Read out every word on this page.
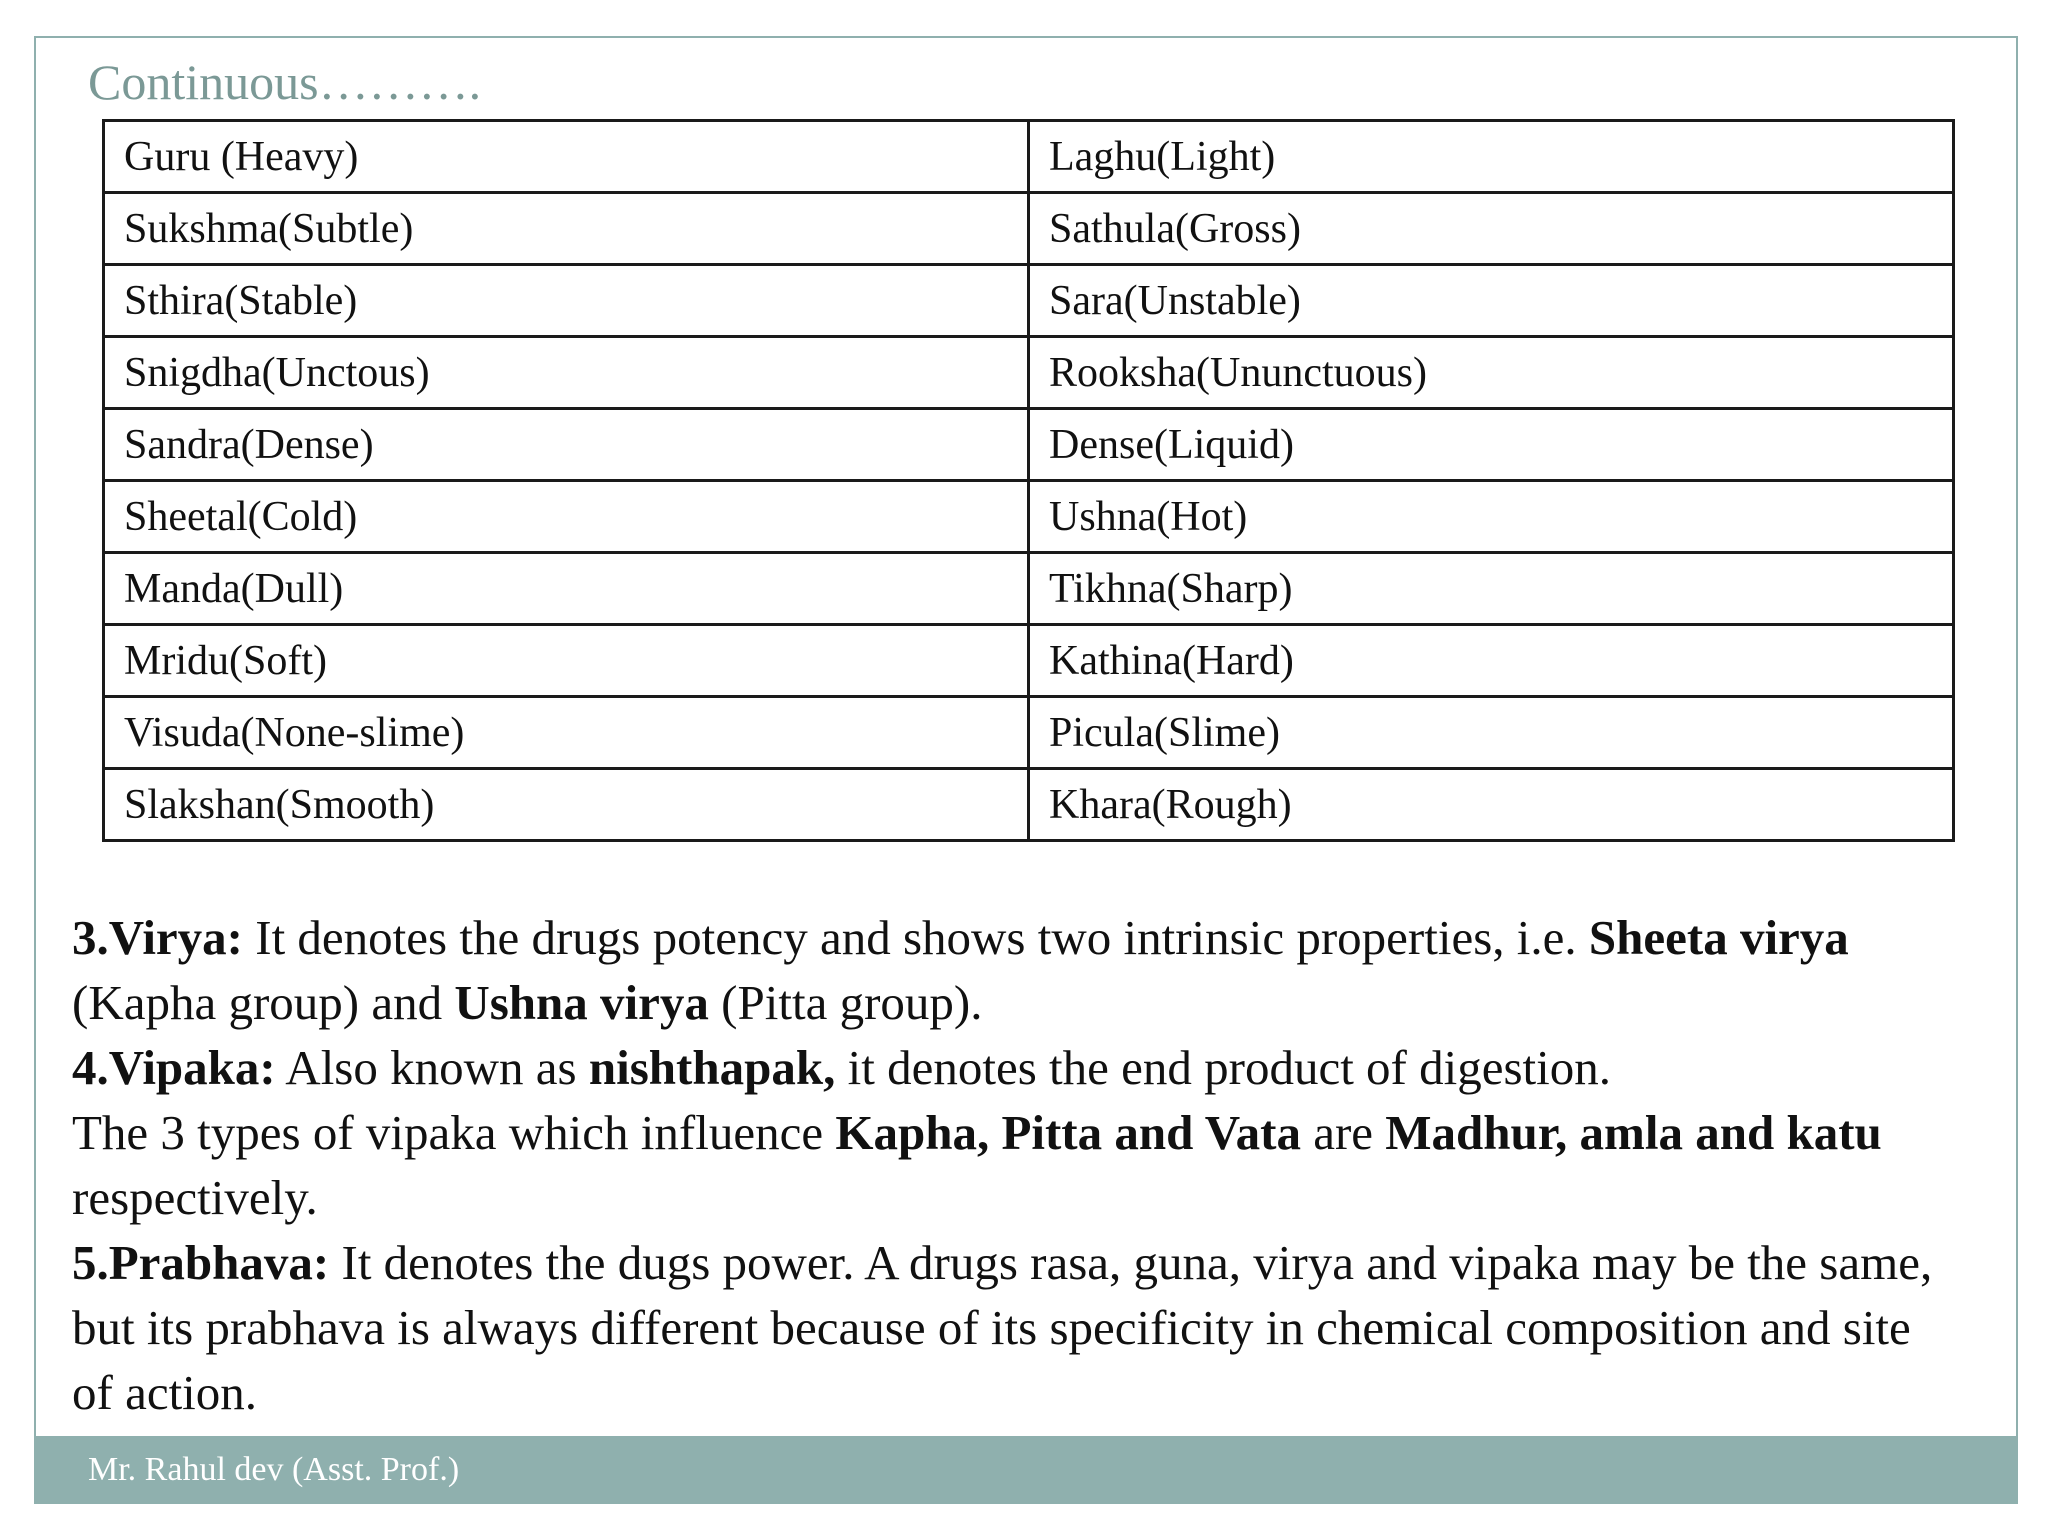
Continuous……….
Guru (Heavy)	Laghu(Light)
Sukshma(Subtle)	Sathula(Gross)
Sthira(Stable)	Sara(Unstable)
Snigdha(Unctous)	Rooksha(Ununctuous)
Sandra(Dense)	Dense(Liquid)
Sheetal(Cold)	Ushna(Hot)
Manda(Dull)	Tikhna(Sharp)
Mridu(Soft)	Kathina(Hard)
Visuda(None-slime)	Picula(Slime)
Slakshan(Smooth)	Khara(Rough)

3.Virya: It denotes the drugs potency and shows two intrinsic properties, i.e. Sheeta virya (Kapha group) and Ushna virya (Pitta group).

4.Vipaka: Also known as nishthapak, it denotes the end product of digestion.

The 3 types of vipaka which influence Kapha, Pitta and Vata are Madhur, amla and katu respectively.

5.Prabhava: It denotes the dugs power. A drugs rasa, guna, virya and vipaka may be the same, but its prabhava is always different because of its specificity in chemical composition and site of action.

Mr. Rahul dev (Asst. Prof.)
